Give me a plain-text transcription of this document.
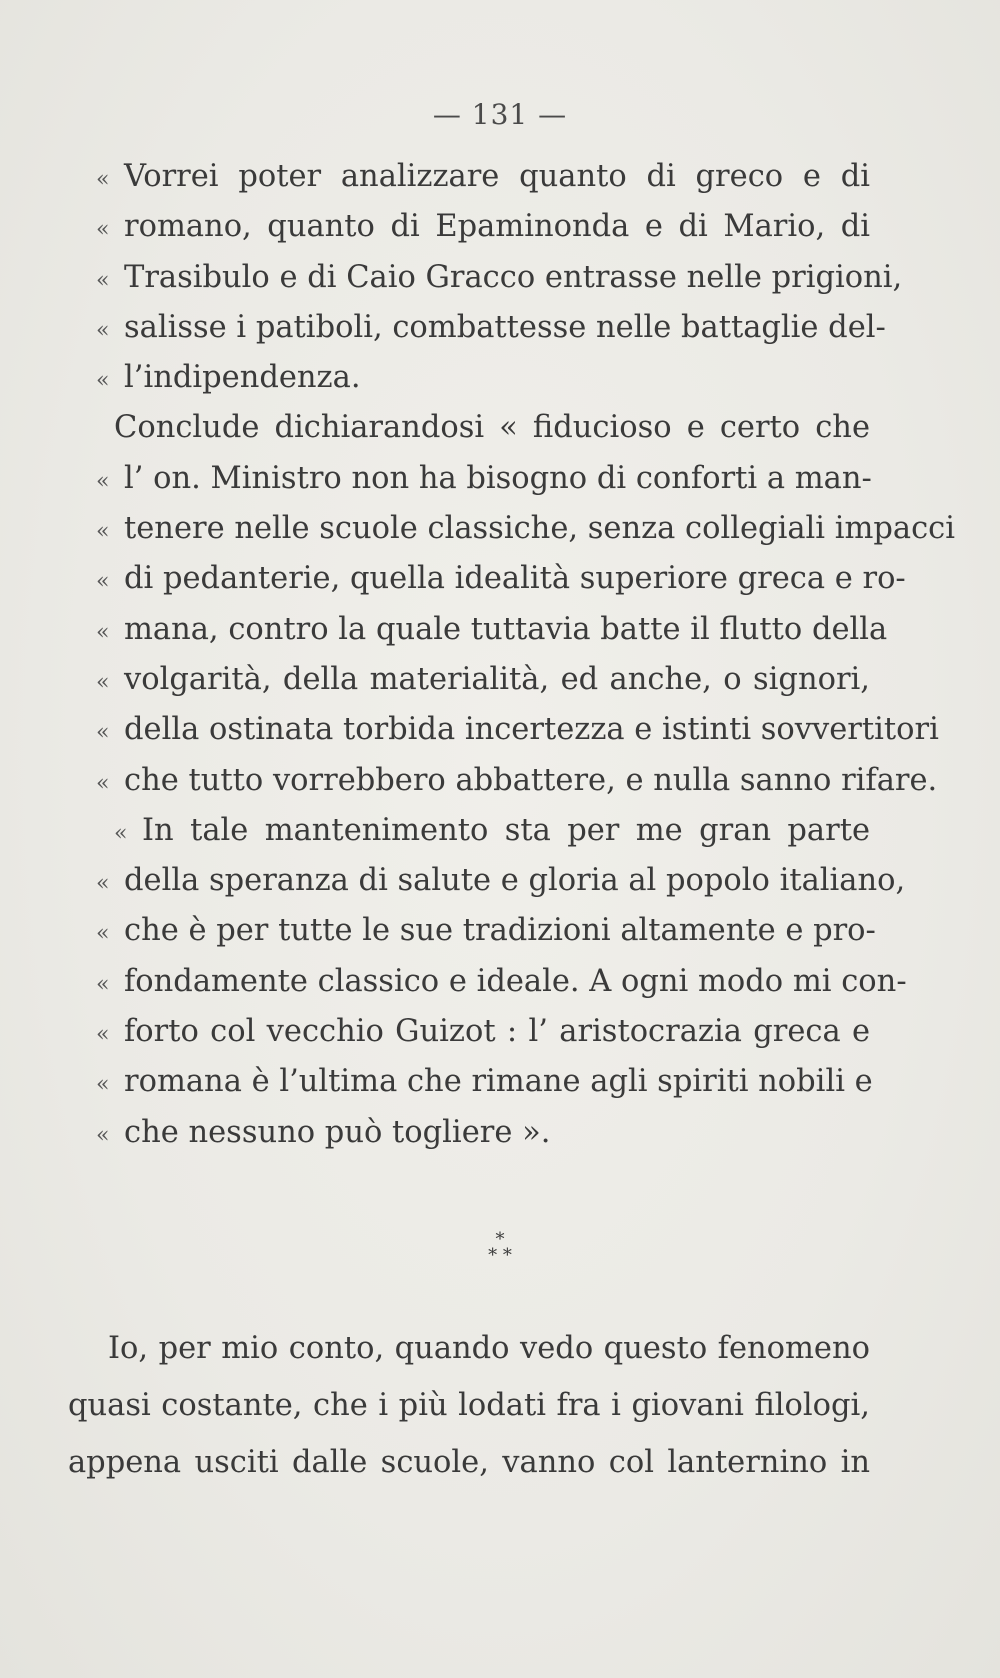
— 131 —
« Vorrei poter analizzare quanto di greco e di
« romano, quanto di Epaminonda e di Mario, di
« Trasibulo e di Caio Gracco entrasse nelle prigioni,
« salisse i patiboli, combattesse nelle battaglie del-
« l’indipendenza.
Conclude dichiarandosi « fiducioso e certo che
« l’ on. Ministro non ha bisogno di conforti a man-
« tenere nelle scuole classiche, senza collegiali impacci
« di pedanterie, quella idealità superiore greca e ro-
« mana, contro la quale tuttavia batte il flutto della
« volgarità, della materialità, ed anche, o signori,
« della ostinata torbida incertezza e istinti sovvertitori
« che tutto vorrebbero abbattere, e nulla sanno rifare.
« In tale mantenimento sta per me gran parte
« della speranza di salute e gloria al popolo italiano,
« che è per tutte le sue tradizioni altamente e pro-
« fondamente classico e ideale. A ogni modo mi con-
« forto col vecchio Guizot : l’ aristocrazia greca e
« romana è l’ultima che rimane agli spiriti nobili e
« che nessuno può togliere ».
*
* *
Io, per mio conto, quando vedo questo fenomeno
quasi costante, che i più lodati fra i giovani filologi,
appena usciti dalle scuole, vanno col lanternino in
